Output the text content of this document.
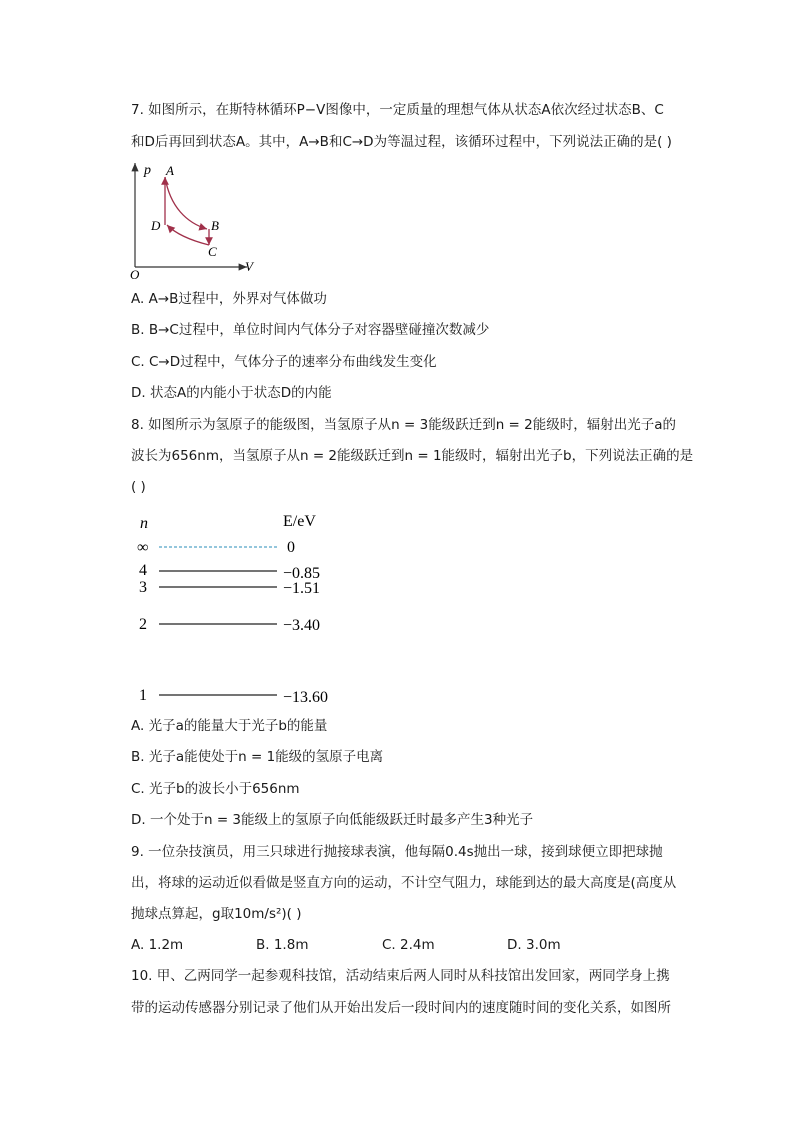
7. 如图所示，在斯特林循环P−V图像中，一定质量的理想气体从状态A依次经过状态B、C
和D后再回到状态A。其中，A→B和C→D为等温过程，该循环过程中，下列说法正确的是( )
p A
D	B
C
O
V
A. A→B过程中，外界对气体做功
B. B→C过程中，单位时间内气体分子对容器壁碰撞次数减少
C. C→D过程中，气体分子的速率分布曲线发生变化
D. 状态A的内能小于状态D的内能
8. 如图所示为氢原子的能级图，当氢原子从n = 3能级跃迁到n = 2能级时，辐射出光子a的
波长为656nm，当氢原子从n = 2能级跃迁到n = 1能级时，辐射出光子b，下列说法正确的是
( )
n	E/eV
∞	0
4	−0.85
3	−1.51
2	−3.40
1	−13.60
A. 光子a的能量大于光子b的能量
B. 光子a能使处于n = 1能级的氢原子电离
C. 光子b的波长小于656nm
D. 一个处于n = 3能级上的氢原子向低能级跃迁时最多产生3种光子
9. 一位杂技演员，用三只球进行抛接球表演，他每隔0.4s抛出一球，接到球便立即把球抛
出，将球的运动近似看做是竖直方向的运动，不计空气阻力，球能到达的最大高度是(高度从
抛球点算起，g取10m/s²)( )
A. 1.2m	B. 1.8m	C. 2.4m	D. 3.0m
10. 甲、乙两同学一起参观科技馆，活动结束后两人同时从科技馆出发回家，两同学身上携
带的运动传感器分别记录了他们从开始出发后一段时间内的速度随时间的变化关系，如图所
